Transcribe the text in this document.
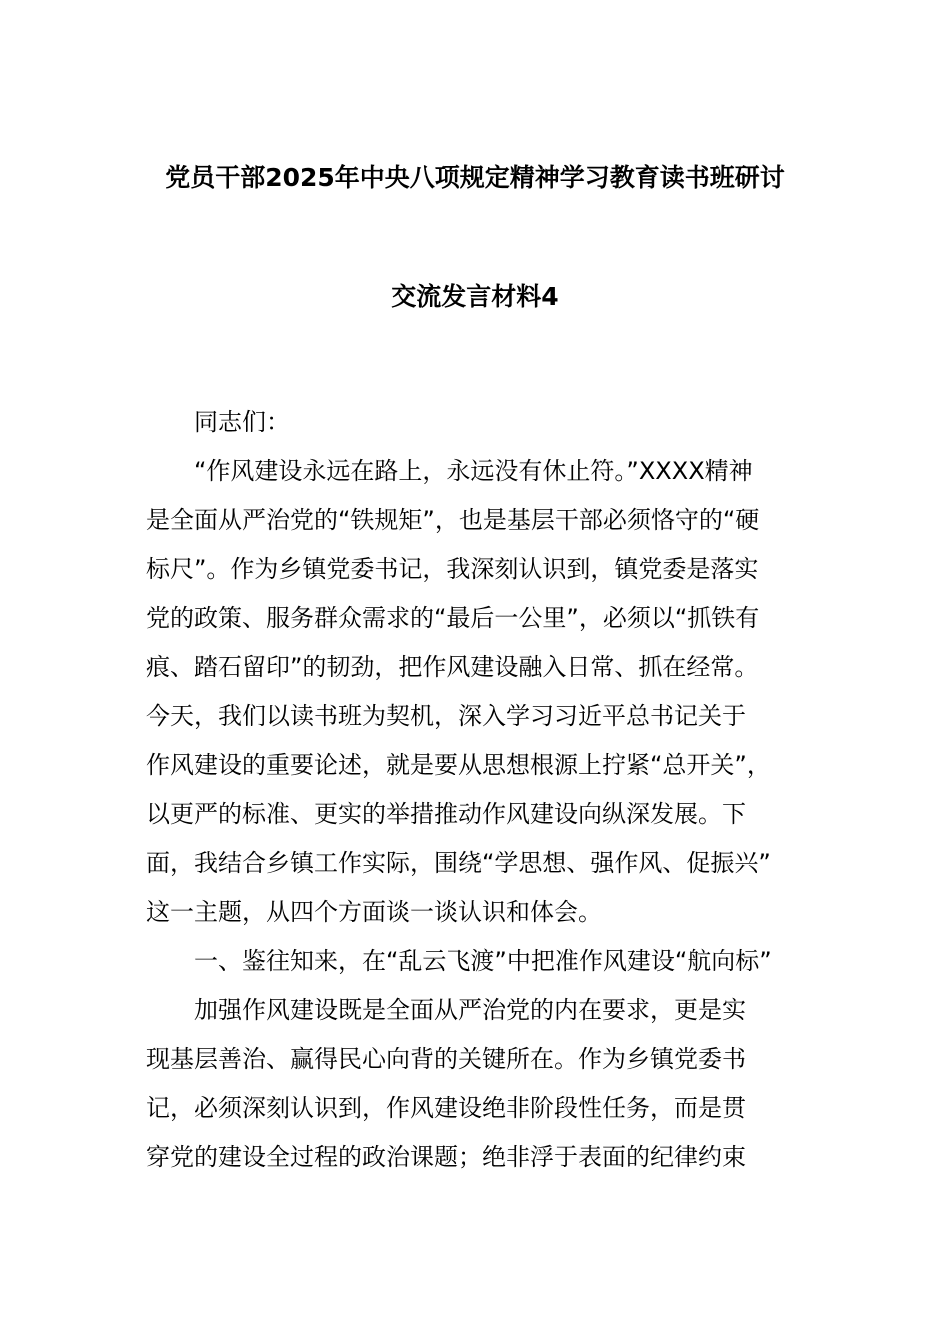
党员干部2025年中央八项规定精神学习教育读书班研讨
交流发言材料4
同志们：
“作风建设永远在路上，永远没有休止符。”XXXX精神
是全面从严治党的“铁规矩”，也是基层干部必须恪守的“硬
标尺”。作为乡镇党委书记，我深刻认识到，镇党委是落实
党的政策、服务群众需求的“最后一公里”，必须以“抓铁有
痕、踏石留印”的韧劲，把作风建设融入日常、抓在经常。
今天，我们以读书班为契机，深入学习习近平总书记关于
作风建设的重要论述，就是要从思想根源上拧紧“总开关”，
以更严的标准、更实的举措推动作风建设向纵深发展。下
面，我结合乡镇工作实际，围绕“学思想、强作风、促振兴”
这一主题，从四个方面谈一谈认识和体会。
一、鉴往知来，在“乱云飞渡”中把准作风建设“航向标”
加强作风建设既是全面从严治党的内在要求，更是实
现基层善治、赢得民心向背的关键所在。作为乡镇党委书
记，必须深刻认识到，作风建设绝非阶段性任务，而是贯
穿党的建设全过程的政治课题；绝非浮于表面的纪律约束
